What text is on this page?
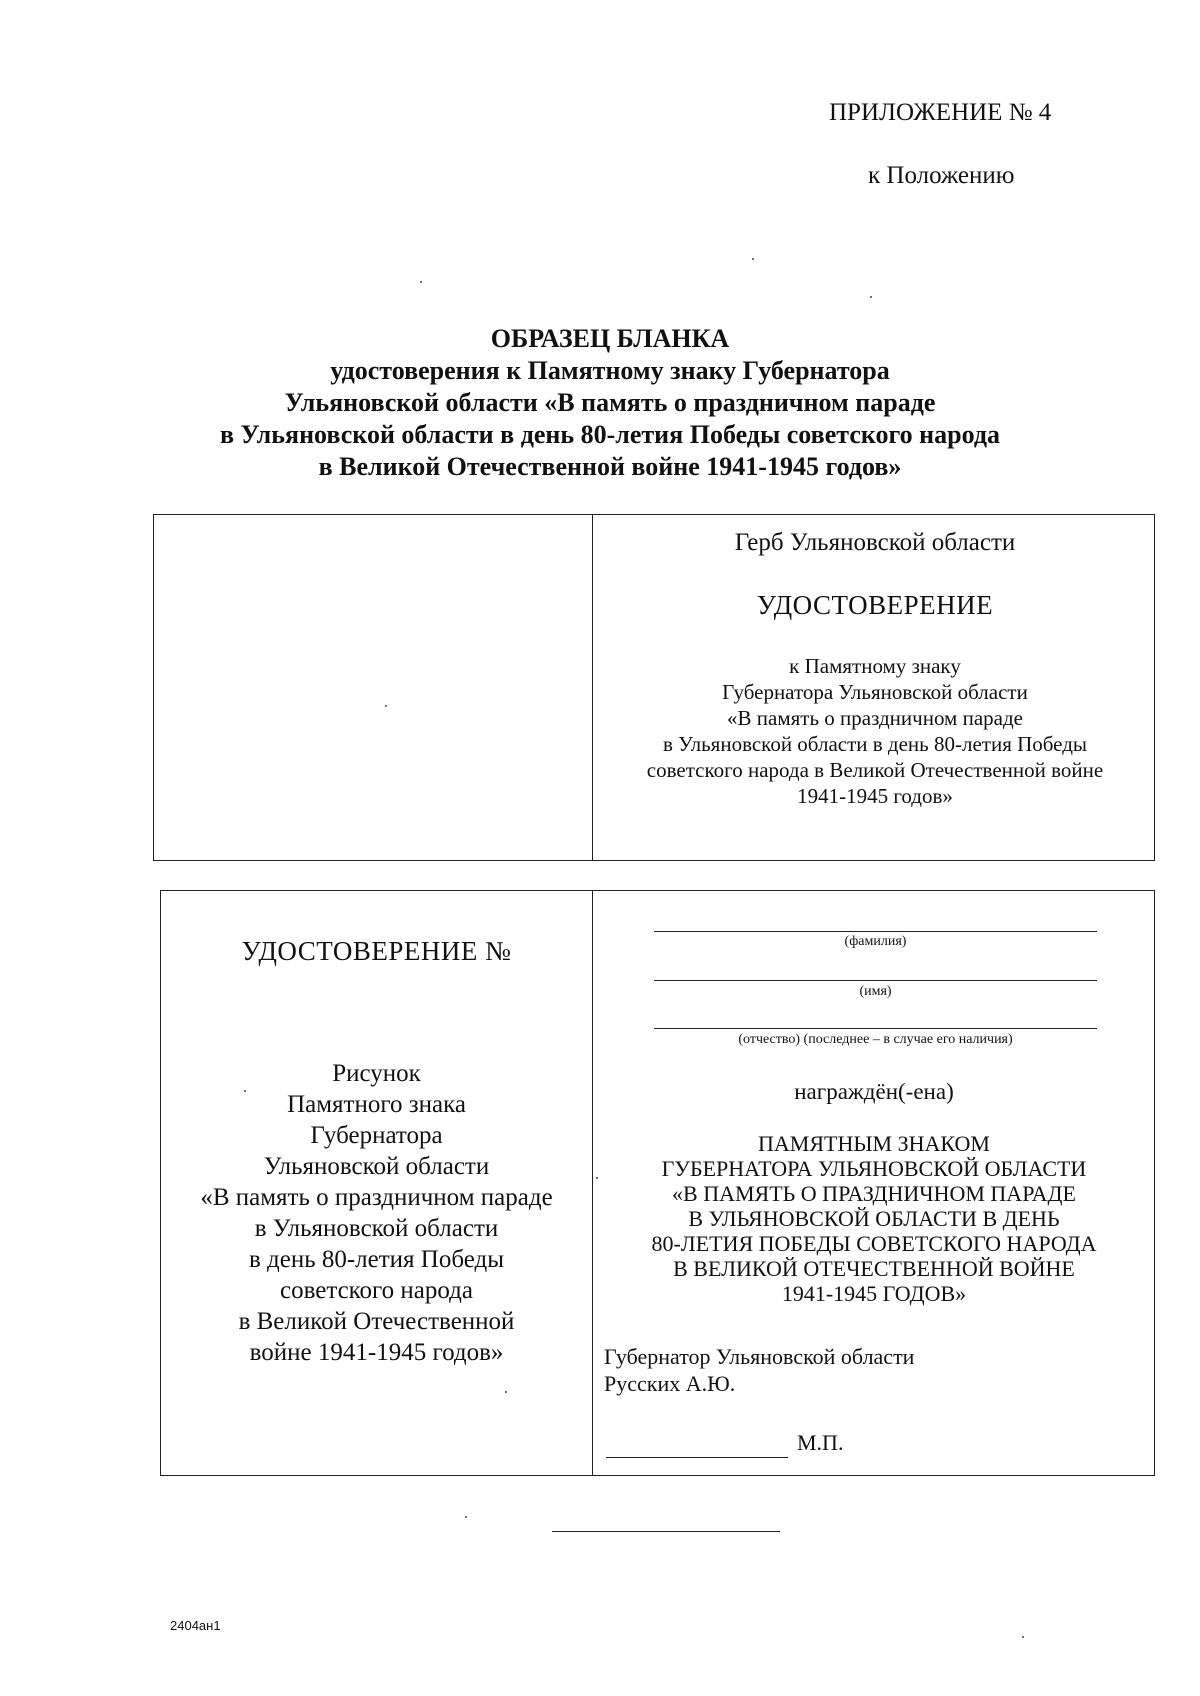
ПРИЛОЖЕНИЕ № 4
к Положению
ОБРАЗЕЦ БЛАНКА
удостоверения к Памятному знаку Губернатора
Ульяновской области «В память о праздничном параде
в Ульяновской области в день 80-летия Победы советского народа
в Великой Отечественной войне 1941-1945 годов»
Герб Ульяновской области
УДОСТОВЕРЕНИЕ
к Памятному знаку
Губернатора Ульяновской области
«В память о праздничном параде
в Ульяновской области в день 80-летия Победы
советского народа в Великой Отечественной войне
1941-1945 годов»
УДОСТОВЕРЕНИЕ №
Рисунок
Памятного знака
Губернатора
Ульяновской области
«В память о праздничном параде
в Ульяновской области
в день 80-летия Победы
советского народа
в Великой Отечественной
войне 1941-1945 годов»
(фамилия)
(имя)
(отчество) (последнее – в случае его наличия)
награждён(-ена)
ПАМЯТНЫМ ЗНАКОМ
ГУБЕРНАТОРА УЛЬЯНОВСКОЙ ОБЛАСТИ
«В ПАМЯТЬ О ПРАЗДНИЧНОМ ПАРАДЕ
В УЛЬЯНОВСКОЙ ОБЛАСТИ В ДЕНЬ
80-ЛЕТИЯ ПОБЕДЫ СОВЕТСКОГО НАРОДА
В ВЕЛИКОЙ ОТЕЧЕСТВЕННОЙ ВОЙНЕ
1941-1945 ГОДОВ»
Губернатор Ульяновской области
Русских А.Ю.
М.П.
2404ан1
